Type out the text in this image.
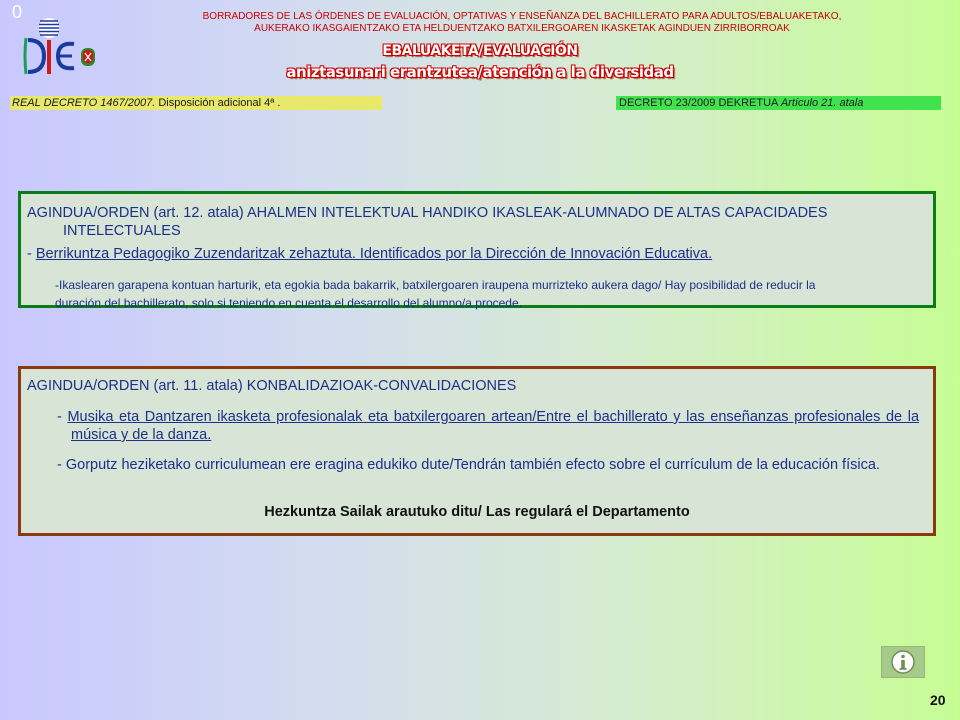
0	BORRADORES DE LAS ÓRDENES DE EVALUACIÓN, OPTATIVAS Y ENSEÑANZA DEL BACHILLERATO PARA ADULTOS/EBALUAKETAKO,
AUKERAKO IKASGAIENTZAKO ETA HELDUENTZAKO BATXILERGOAREN IKASKETAK AGINDUEN ZIRRIBORROAK
EBALUAKETA/EVALUACIÓN
aniztasunari erantzutea/atención a la diversidad
REAL DECRETO 1467/2007. Disposición adicional 4ª .	DECRETO 23/2009 DEKRETUA Artículo 21. atala
AGINDUA/ORDEN (art. 12. atala) AHALMEN INTELEKTUAL HANDIKO IKASLEAK-ALUMNADO DE ALTAS CAPACIDADES
INTELECTUALES
- Berrikuntza Pedagogiko Zuzendaritzak zehaztuta. Identificados por la Dirección de Innovación Educativa.
-Ikaslearen garapena kontuan harturik, eta egokia bada bakarrik, batxilergoaren iraupena murrizteko aukera dago/ Hay posibilidad de reducir la
duración del bachillerato, solo si teniendo en cuenta el desarrollo del alumno/a procede.
AGINDUA/ORDEN (art. 11. atala) KONBALIDAZIOAK-CONVALIDACIONES
- Musika eta Dantzaren ikasketa profesionalak eta batxilergoaren artean/Entre el bachillerato y las enseñanzas profesionales de la música y de la danza.
- Gorputz heziketako curriculumean ere eragina edukiko dute/Tendrán también efecto sobre el currículum de la educación física.
Hezkuntza Sailak arautuko ditu/ Las regulará el Departamento
20
